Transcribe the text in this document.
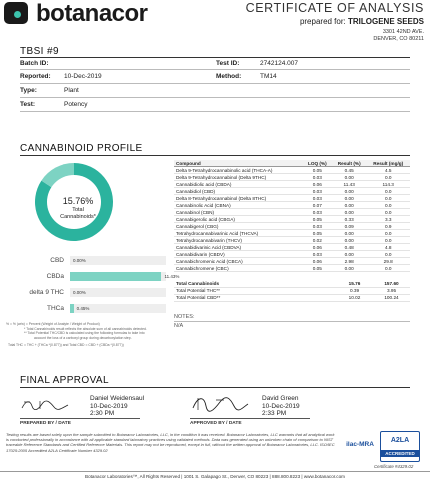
botanacor	CERTIFICATE OF ANALYSIS
prepared for: TRILOGENE SEEDS
3301 42ND AVE.
DENVER, CO 80211
TBSI #9
Batch ID:	Test ID:	2742124.007
Reported: 10-Dec-2019	Method:	TM14
Type:	Plant
Test:	Potency
CANNABINOID PROFILE
15.76%
Total
Cannabinoids*
CBD 0.00%
CBDa	11.43%
delta 9 THC 0.00%
THCa	0.45%
Compound	LOQ (%)	Result (%)	Result (mg/g)
Delta 9-Tetrahydrocannabinolic acid (THCA-A)	0.05	0.45	4.5
Delta 9-Tetrahydrocannabinol (Delta 9THC)	0.03	0.00	0.0
Cannabidiolic acid (CBDA)	0.06	11.43	114.3
Cannabidiol (CBD)	0.03	0.00	0.0
Delta 8-Tetrahydrocannabinol (Delta 8THC)	0.03	0.00	0.0
Cannabinolic Acid (CBNA)	0.07	0.00	0.0
Cannabinol (CBN)	0.03	0.00	0.0
Cannabigerolic acid (CBGA)	0.05	0.33	3.3
Cannabigerol (CBG)	0.03	0.09	0.9
Tetrahydrocannabivarinic Acid (THCVA)	0.05	0.00	0.0
Tetrahydrocannabivarin (THCV)	0.02	0.00	0.0
Cannabidivarinic Acid (CBDVA)	0.06	0.48	4.8
Cannabidivarin (CBDV)	0.03	0.00	0.0
Cannabichromenic Acid (CBCA)	0.06	2.98	29.8
Cannabichromene (CBC)	0.05	0.00	0.0
Total Cannabinoids		15.76	157.60
Total Potential THC**		0.39	3.95
Total Potential CBD**		10.02	100.24
NOTES:
N/A
% = % (w/w) = Percent (Weight of Analyte / Weight of Product)
* Total Cannabinoids result reflects the absolute sum of all cannabinoids detected.
** Total Potential THC/CBD is calculated using the following formulas to take into
account the loss of a carboxyl group during decarboxylation step.
Total THC = THC + (THCa *(0.877)) and Total CBD = CBD + (CBDa *(0.877))
FINAL APPROVAL
Daniel Weidensaul
10-Dec-2019
2:30 PM
PREPARED BY / DATE
David Green
10-Dec-2019
2:33 PM
APPROVED BY / DATE
Testing results are based solely upon the sample submitted to Botanacor Laboratories, LLC, in the condition it was received. Botanacor Laboratories, LLC warrants that all analytical work is conducted professionally in accordance with all applicable standard laboratory practices using validated methods. Data was generated using an unbroken chain of comparison to NIST traceable Reference Standards and Certified Reference Materials. This report may not be reproduced, except in full, without the written approval of Botanacor Laboratories, LLC. ISO/IEC 17025:2005 Accredited A2LA Certificate Number 4329.02
ilac-MRA
A2LA
ACCREDITED
Certificate #4329.02
Botanacor Laboratories™, All Rights Reserved | 1001 S. Galapago St., Denver, CO 80223 | 888.800.8223 | www.botanacor.com
